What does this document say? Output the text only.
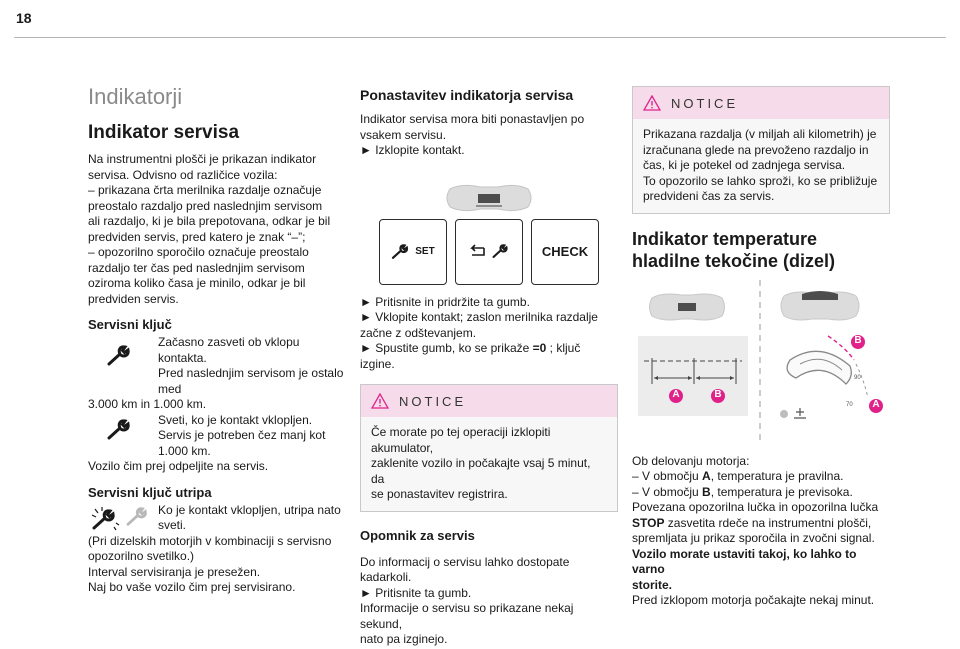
18
Indikatorji
Indikator servisa
Na instrumentni plošči je prikazan indikator
servisa. Odvisno od različice vozila:
– prikazana črta merilnika razdalje označuje
preostalo razdaljo pred naslednjim servisom
ali razdaljo, ki je bila prepotovana, odkar je bil
predviden servis, pred katero je znak “–”;
– opozorilno sporočilo označuje preostalo
razdaljo ter čas ped naslednjim servisom
oziroma koliko časa je minilo, odkar je bil
predviden servis.
Servisni ključ
Začasno zasveti ob vklopu kontakta.
Pred naslednjim servisom je ostalo med
3.000 km in 1.000 km.
Sveti, ko je kontakt vklopljen.
Servis je potreben čez manj kot 1.000 km.
Vozilo čim prej odpeljite na servis.
Servisni ključ utripa
Ko je kontakt vklopljen, utripa nato
sveti.
(Pri dizelskih motorjih v kombinaciji s servisno
opozorilno svetilko.)
Interval servisiranja je presežen.
Naj bo vaše vozilo čim prej servisirano.
Ponastavitev indikatorja servisa
Indikator servisa mora biti ponastavljen po
vsakem servisu.
► Izklopite kontakt.
SET	CHECK
► Pritisnite in pridržite ta gumb.
► Vklopite kontakt; zaslon merilnika razdalje
začne z odštevanjem.
► Spustite gumb, ko se prikaže =0 ; ključ izgine.
NOTICE
Če morate po tej operaciji izklopiti akumulator,
zaklenite vozilo in počakajte vsaj 5 minut, da
se ponastavitev registrira.
Opomnik za servis
Do informacij o servisu lahko dostopate
kadarkoli.
► Pritisnite ta gumb.
Informacije o servisu so prikazane nekaj sekund,
nato pa izginejo.
NOTICE
Prikazana razdalja (v miljah ali kilometrih) je
izračunana glede na prevoženo razdaljo in
čas, ki je potekel od zadnjega servisa.
To opozorilo se lahko sproži, ko se približuje
predvideni čas za servis.
Indikator temperature
hladilne tekočine (dizel)
A	B
B
A
90
70
Ob delovanju motorja:
– V območju A, temperatura je pravilna.
– V območju B, temperatura je previsoka.
Povezana opozorilna lučka in opozorilna lučka
STOP zasvetita rdeče na instrumentni plošči,
spremljata ju prikaz sporočila in zvočni signal.
Vozilo morate ustaviti takoj, ko lahko to varno
storite.
Pred izklopom motorja počakajte nekaj minut.
